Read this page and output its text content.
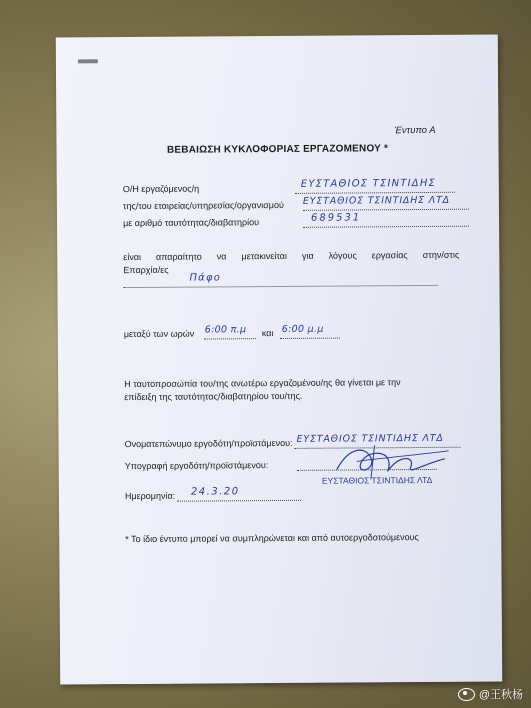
Έντυπο Α
ΒΕΒΑΙΩΣΗ ΚΥΚΛΟΦΟΡΙΑΣ ΕΡΓΑΖΟΜΕΝΟΥ *
Ο/Η εργαζόμενος/η	ΕΥΣΤΑΘΙΟΣ ΤΣΙΝΤΙΔΗΣ
της/του εταιρείας/υπηρεσίας/οργανισμού ΕΥΣΤΑΘΙΟΣ ΤΣΙΝΤΙΔΗΣ ΛΤΔ
με αριθμό ταυτότητας/διαβατηρίου	689531
είναι απαραίτητο να μετακινείται για λόγους εργασίας στην/στις
Επαρχία/ες
Πάφο
μεταξύ των ωρών 6:00 π.μ και 6:00 μ.μ
Η ταυτοπροσωπία του/της ανωτέρω εργαζομένου/ης θα γίνεται με την
επίδειξη της ταυτότητας/διαβατηρίου του/της.
Ονοματεπώνυμο εργοδότη/προϊστάμενου: ΕΥΣΤΑΘΙΟΣ ΤΣΙΝΤΙΔΗΣ ΛΤΔ
Υπογραφή εργοδότη/προϊστάμενου:
ΕΥΣΤΑΘΙΟΣ ΤΣΙΝΤΙΔΗΣ ΛΤΔ
Ημερομηνία: 24.3.20
* Το ίδιο έντυπο μπορεί να συμπληρώνεται και από αυτοεργοδοτούμενους
@王秋杨
